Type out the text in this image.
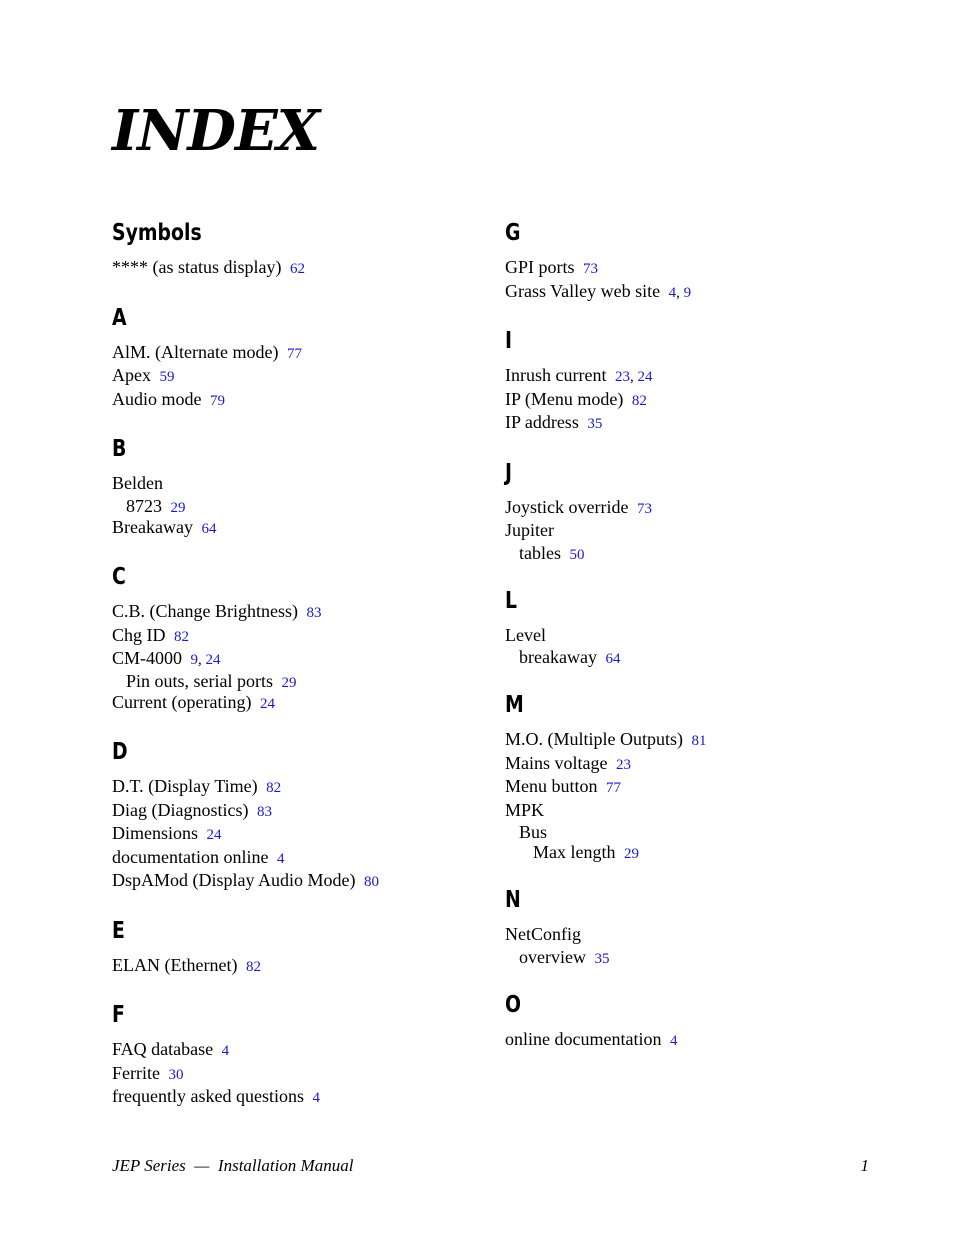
INDEX
Symbols
**** (as status display) 62
A
AlM. (Alternate mode) 77
Apex 59
Audio mode 79
B
Belden
8723 29
Breakaway 64
C
C.B. (Change Brightness) 83
Chg ID 82
CM-4000 9, 24
Pin outs, serial ports 29
Current (operating) 24
D
D.T. (Display Time) 82
Diag (Diagnostics) 83
Dimensions 24
documentation online 4
DspAMod (Display Audio Mode) 80
E
ELAN (Ethernet) 82
F
FAQ database 4
Ferrite 30
frequently asked questions 4
G
GPI ports 73
Grass Valley web site 4, 9
I
Inrush current 23, 24
IP (Menu mode) 82
IP address 35
J
Joystick override 73
Jupiter
tables 50
L
Level
breakaway 64
M
M.O. (Multiple Outputs) 81
Mains voltage 23
Menu button 77
MPK
Bus
Max length 29
N
NetConfig
overview 35
O
online documentation 4
JEP Series  —  Installation Manual	1
